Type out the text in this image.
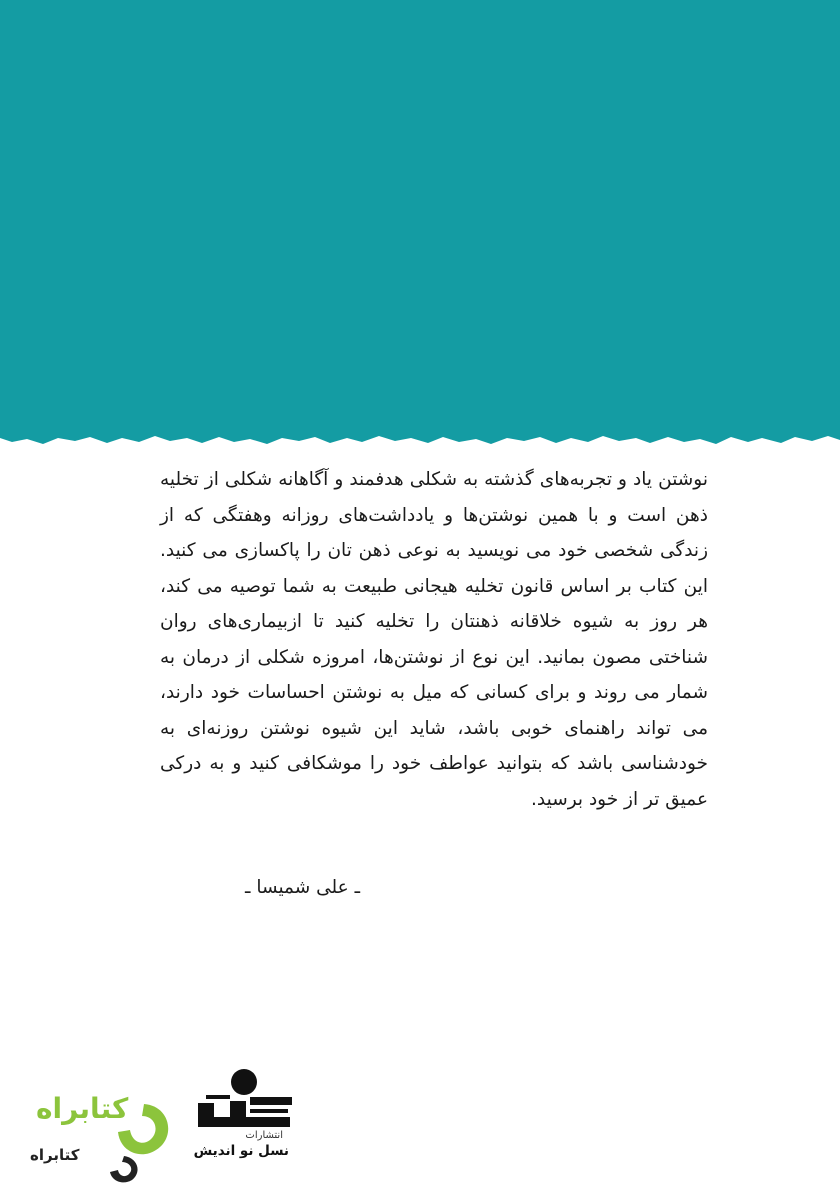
نوشتن یاد و تجربه‌های گذشته به شکلی هدفمند و آگاهانه شکلی از تخلیه ذهن است و با همین نوشتن‌ها و یادداشت‌های روزانه وهفتگی که از زندگی شخصی خود می نویسید به نوعی ذهن تان را پاکسازی می کنید. این کتاب بر اساس قانون تخلیه هیجانی طبیعت به شما توصیه می کند، هر روز به شیوه خلاقانه ذهنتان را تخلیه کنید تا ازبیماری‌های روان شناختی مصون بمانید. این نوع از نوشتن‌ها، امروزه شکلی از درمان به شمار می روند و برای کسانی که میل به نوشتن احساسات خود دارند، می تواند راهنمای خوبی باشد، شاید این شیوه نوشتن روزنه‌ای به خودشناسی باشد که بتوانید عواطف خود را موشکافی کنید و به درکی عمیق تر از خود برسید.
ـ علی شمیسا ـ
انتشارات
نسل نو اندیش
کتابراه
کتابراه
